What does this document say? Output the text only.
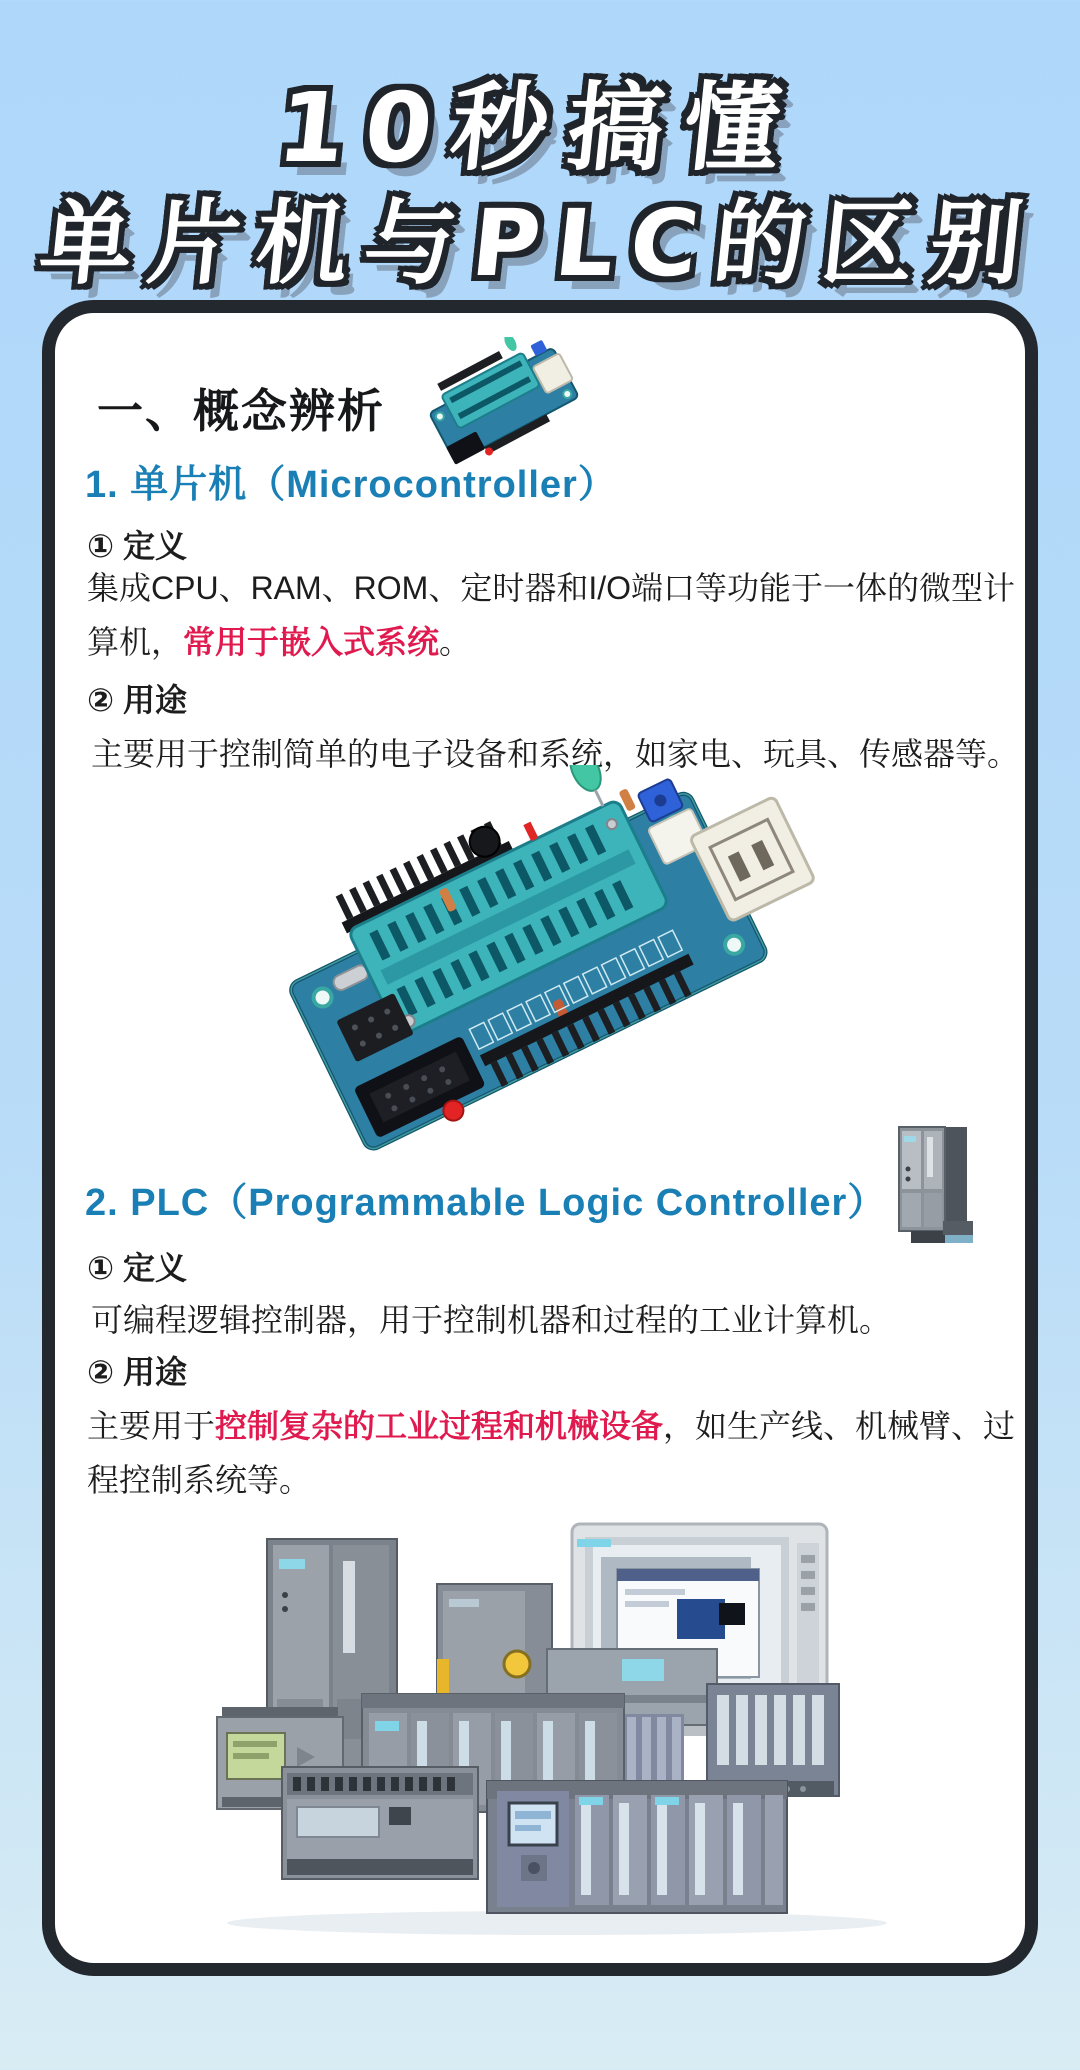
10秒搞懂
单片机与PLC的区别
一、概念辨析
1. 单片机（Microcontroller）
① 定义

集成CPU、RAM、ROM、定时器和I/O端口等功能于一体的微型计算机，常用于嵌入式系统。

② 用途

主要用于控制简单的电子设备和系统，如家电、玩具、传感器等。

2. PLC（Programmable Logic Controller）
① 定义

可编程逻辑控制器，用于控制机器和过程的工业计算机。

② 用途

主要用于控制复杂的工业过程和机械设备，如生产线、机械臂、过程控制系统等。
